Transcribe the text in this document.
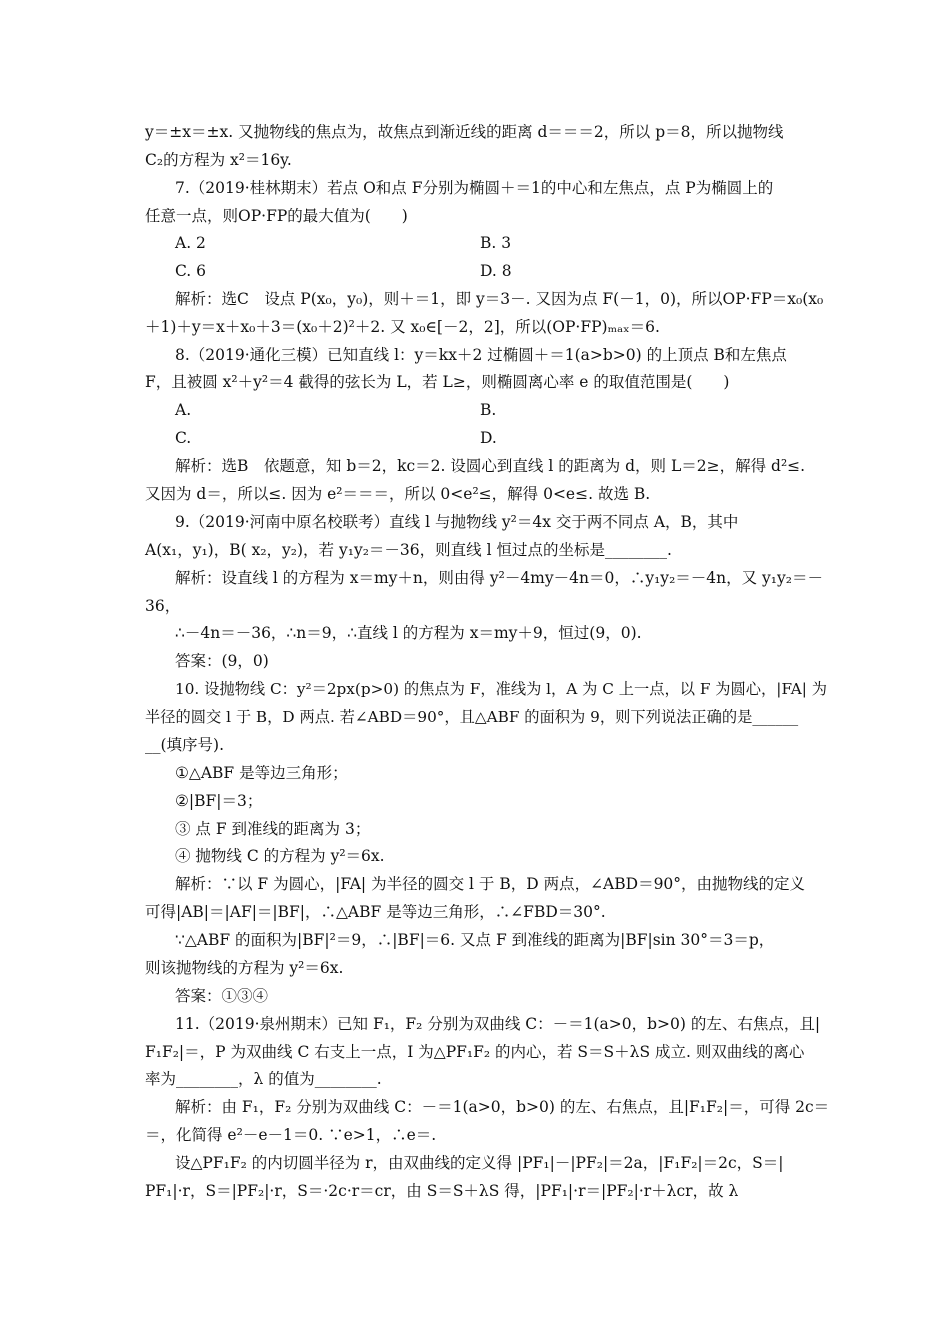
y＝±x＝±x. 又抛物线的焦点为，故焦点到渐近线的距离 d＝＝＝2，所以 p＝8，所以抛物线
C₂的方程为 x²＝16y.
7.（2019·桂林期末）若点 O和点 F分别为椭圆＋＝1的中心和左焦点，点 P为椭圆上的
任意一点，则OP·FP的最大值为(　　)
A. 2	B. 3
C. 6	D. 8
解析：选C　设点 P(x₀，y₀)，则＋＝1，即 y＝3－. 又因为点 F(－1，0)，所以OP·FP＝x₀(x₀
＋1)＋y＝x＋x₀＋3＝(x₀＋2)²＋2. 又 x₀∈[－2，2]，所以(OP·FP)ₘₐₓ＝6.
8.（2019·通化三模）已知直线 l：y＝kx＋2 过椭圆＋＝1(a>b>0) 的上顶点 B和左焦点
F，且被圆 x²＋y²＝4 截得的弦长为 L，若 L≥，则椭圆离心率 e 的取值范围是(　　)
A.	B.
C.	D.
解析：选B　依题意，知 b＝2，kc＝2. 设圆心到直线 l 的距离为 d，则 L＝2≥，解得 d²≤.
又因为 d＝，所以≤. 因为 e²＝＝＝，所以 0<e²≤，解得 0<e≤. 故选 B.
9.（2019·河南中原名校联考）直线 l 与抛物线 y²＝4x 交于两不同点 A，B，其中
A(x₁，y₁)，B( x₂，y₂)，若 y₁y₂＝－36，则直线 l 恒过点的坐标是________.
解析：设直线 l 的方程为 x＝my＋n，则由得 y²－4my－4n＝0，∴y₁y₂＝－4n，又 y₁y₂＝－
36，
∴－4n＝－36，∴n＝9，∴直线 l 的方程为 x＝my＋9，恒过(9，0).
答案：(9，0)
10. 设抛物线 C：y²＝2px(p>0) 的焦点为 F，准线为 l，A 为 C 上一点，以 F 为圆心，|FA| 为
半径的圆交 l 于 B，D 两点. 若∠ABD＝90°，且△ABF 的面积为 9，则下列说法正确的是______
__(填序号).
①△ABF 是等边三角形；
②|BF|＝3；
③ 点 F 到准线的距离为 3；
④ 抛物线 C 的方程为 y²＝6x.
解析：∵以 F 为圆心，|FA| 为半径的圆交 l 于 B，D 两点，∠ABD＝90°，由抛物线的定义
可得|AB|＝|AF|＝|BF|，∴△ABF 是等边三角形，∴∠FBD＝30°.
∵△ABF 的面积为|BF|²＝9，∴|BF|＝6. 又点 F 到准线的距离为|BF|sin 30°＝3＝p，
则该抛物线的方程为 y²＝6x.
答案：①③④
11.（2019·泉州期末）已知 F₁，F₂ 分别为双曲线 C：－＝1(a>0，b>0) 的左、右焦点，且|
F₁F₂|＝，P 为双曲线 C 右支上一点，I 为△PF₁F₂ 的内心，若 S＝S＋λS 成立. 则双曲线的离心
率为________，λ 的值为________.
解析：由 F₁，F₂ 分别为双曲线 C：－＝1(a>0，b>0) 的左、右焦点，且|F₁F₂|＝，可得 2c＝
＝，化简得 e²－e－1＝0. ∵e>1，∴e＝.
设△PF₁F₂ 的内切圆半径为 r，由双曲线的定义得 |PF₁|－|PF₂|＝2a，|F₁F₂|＝2c，S＝|
PF₁|·r，S＝|PF₂|·r，S＝·2c·r＝cr，由 S＝S＋λS 得，|PF₁|·r＝|PF₂|·r＋λcr，故 λ
